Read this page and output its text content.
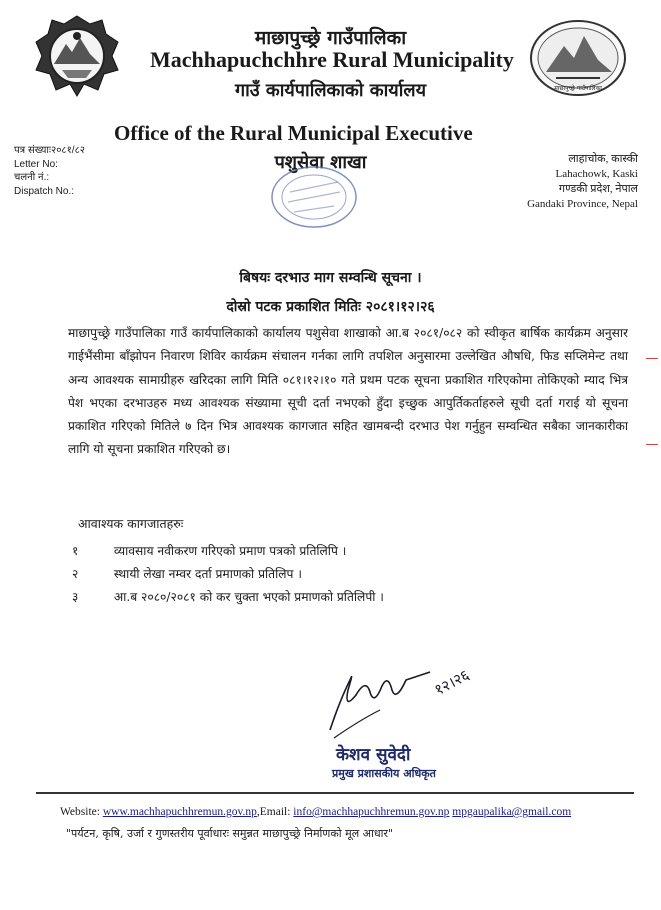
माछापुच्छ्रे गाउँपालिका
माछापुच्छ्रे गाउँपालिका
Machhapuchchhre Rural Municipality
गाउँ कार्यपालिकाको कार्यालय
Office of the Rural Municipal Executive
पशुसेवा शाखा
पत्र संख्याः२०८१/८२
Letter No:
चलनी नं.:
Dispatch No.:
लाहाचोक, कास्की
Lahachowk, Kaski
गण्डकी प्रदेश, नेपाल
Gandaki Province, Nepal
बिषयः दरभाउ माग सम्वन्धि सूचना ।
दोस्रो पटक प्रकाशित मितिः २०८१।१२।२६
माछापुच्छ्रे गाउँपालिका गाउँ कार्यपालिकाको कार्यालय पशुसेवा शाखाको आ.ब २०८१/०८२ को स्वीकृत बार्षिक कार्यक्रम अनुसार गाईभैंसीमा बाँझोपन निवारण शिविर कार्यक्रम संचालन गर्नका लागि तपशिल अनुसारमा उल्लेखित औषधि, फिड सप्लिमेन्ट तथा अन्य आवश्यक सामाग्रीहरु खरिदका लागि मिति ०८१।१२।१० गते प्रथम पटक सूचना प्रकाशित गरिएकोमा तोकिएको म्याद भित्र पेश भएका दरभाउहरु मध्य आवश्यक संख्यामा सूची दर्ता नभएको हुँदा इच्छुक आपुर्तिकर्ताहरुले सूची दर्ता गराई यो सूचना प्रकाशित गरिएको मितिले ७ दिन भित्र आवश्यक कागजात सहित खामबन्दी दरभाउ पेश गर्नुहुन सम्वन्धित सबैका जानकारीका लागि यो सूचना प्रकाशित गरिएको छ।
आवाश्यक कागजातहरुः
१	व्यावसाय नवीकरण गरिएको प्रमाण पत्रको प्रतिलिपि ।
२	स्थायी लेखा नम्वर दर्ता प्रमाणको प्रतिलिप ।
३	आ.ब २०८०/२०८१ को कर चुक्ता भएको प्रमाणको प्रतिलिपी ।
१२।२६
केशव सुवेदी
प्रमुख प्रशासकीय अधिकृत
Website: www.machhapuchhremun.gov.np,Email: info@machhapuchhremun.gov.np mpgaupalika@gmail.com
"पर्यटन, कृषि, उर्जा र गुणस्तरीय पूर्वाधारः समुन्नत माछापुच्छ्रे निर्माणको मूल आधार"
